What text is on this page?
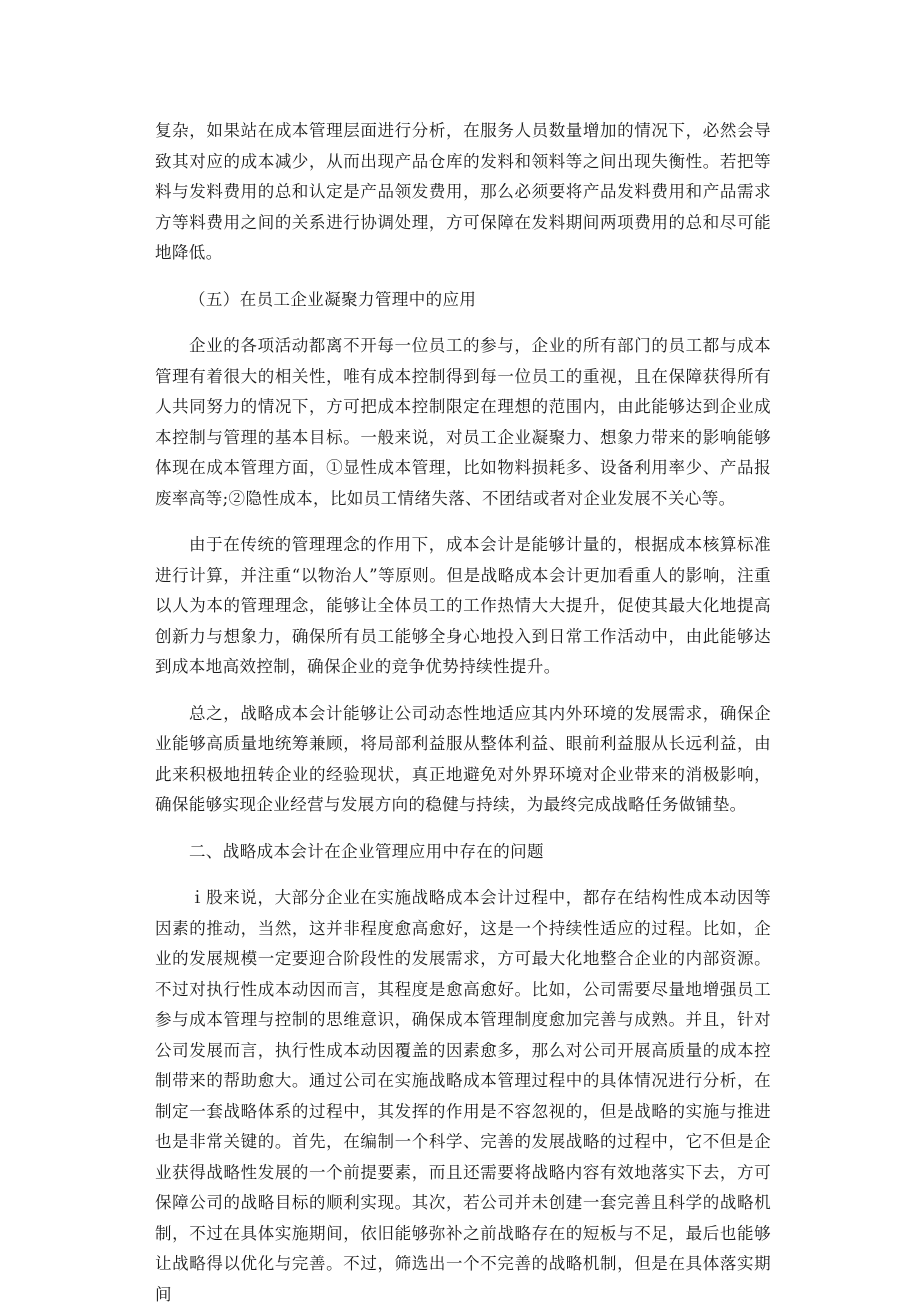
复杂，如果站在成本管理层面进行分析，在服务人员数量增加的情况下，必然会导致其对应的成本减少，从而出现产品仓库的发料和领料等之间出现失衡性。若把等料与发料费用的总和认定是产品领发费用，那么必须要将产品发料费用和产品需求方等料费用之间的关系进行协调处理，方可保障在发料期间两项费用的总和尽可能地降低。

（五）在员工企业凝聚力管理中的应用

企业的各项活动都离不开每一位员工的参与，企业的所有部门的员工都与成本管理有着很大的相关性，唯有成本控制得到每一位员工的重视，且在保障获得所有人共同努力的情况下，方可把成本控制限定在理想的范围内，由此能够达到企业成本控制与管理的基本目标。一般来说，对员工企业凝聚力、想象力带来的影响能够体现在成本管理方面，①显性成本管理，比如物料损耗多、设备利用率少、产品报废率高等;②隐性成本，比如员工情绪失落、不团结或者对企业发展不关心等。

由于在传统的管理理念的作用下，成本会计是能够计量的，根据成本核算标准进行计算，并注重“以物治人”等原则。但是战略成本会计更加看重人的影响，注重以人为本的管理理念，能够让全体员工的工作热情大大提升，促使其最大化地提高创新力与想象力，确保所有员工能够全身心地投入到日常工作活动中，由此能够达到成本地高效控制，确保企业的竞争优势持续性提升。

总之，战略成本会计能够让公司动态性地适应其内外环境的发展需求，确保企业能够高质量地统筹兼顾，将局部利益服从整体利益、眼前利益服从长远利益，由此来积极地扭转企业的经验现状，真正地避免对外界环境对企业带来的消极影响，确保能够实现企业经营与发展方向的稳健与持续，为最终完成战略任务做铺垫。

二、战略成本会计在企业管理应用中存在的问题

ｉ股来说，大部分企业在实施战略成本会计过程中，都存在结构性成本动因等因素的推动，当然，这并非程度愈高愈好，这是一个持续性适应的过程。比如，企业的发展规模一定要迎合阶段性的发展需求，方可最大化地整合企业的内部资源。不过对执行性成本动因而言，其程度是愈高愈好。比如，公司需要尽量地增强员工参与成本管理与控制的思维意识，确保成本管理制度愈加完善与成熟。并且，针对公司发展而言，执行性成本动因覆盖的因素愈多，那么对公司开展高质量的成本控制带来的帮助愈大。通过公司在实施战略成本管理过程中的具体情况进行分析，在制定一套战略体系的过程中，其发挥的作用是不容忽视的，但是战略的实施与推进也是非常关键的。首先，在编制一个科学、完善的发展战略的过程中，它不但是企业获得战略性发展的一个前提要素，而且还需要将战略内容有效地落实下去，方可保障公司的战略目标的顺利实现。其次，若公司并未创建一套完善且科学的战略机制，不过在具体实施期间，依旧能够弥补之前战略存在的短板与不足，最后也能够让战略得以优化与完善。不过，筛选出一个不完善的战略机制，但是在具体落实期间
